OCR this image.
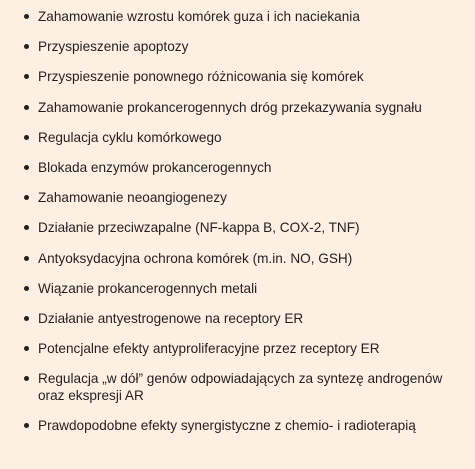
Zahamowanie wzrostu komórek guza i ich naciekania
Przyspieszenie apoptozy
Przyspieszenie ponownego różnicowania się komórek
Zahamowanie prokancerogennych dróg przekazywania sygnału
Regulacja cyklu komórkowego
Blokada enzymów prokancerogennych
Zahamowanie neoangiogenezy
Działanie przeciwzapalne (NF-kappa B, COX-2, TNF)
Antyoksydacyjna ochrona komórek (m.in. NO, GSH)
Wiązanie prokancerogennych metali
Działanie antyestrogenowe na receptory ER
Potencjalne efekty antyproliferacyjne przez receptory ER
Regulacja „w dół” genów odpowiadających za syntezę androgenów oraz ekspresji AR
Prawdopodobne efekty synergistyczne z chemio- i radioterapią
